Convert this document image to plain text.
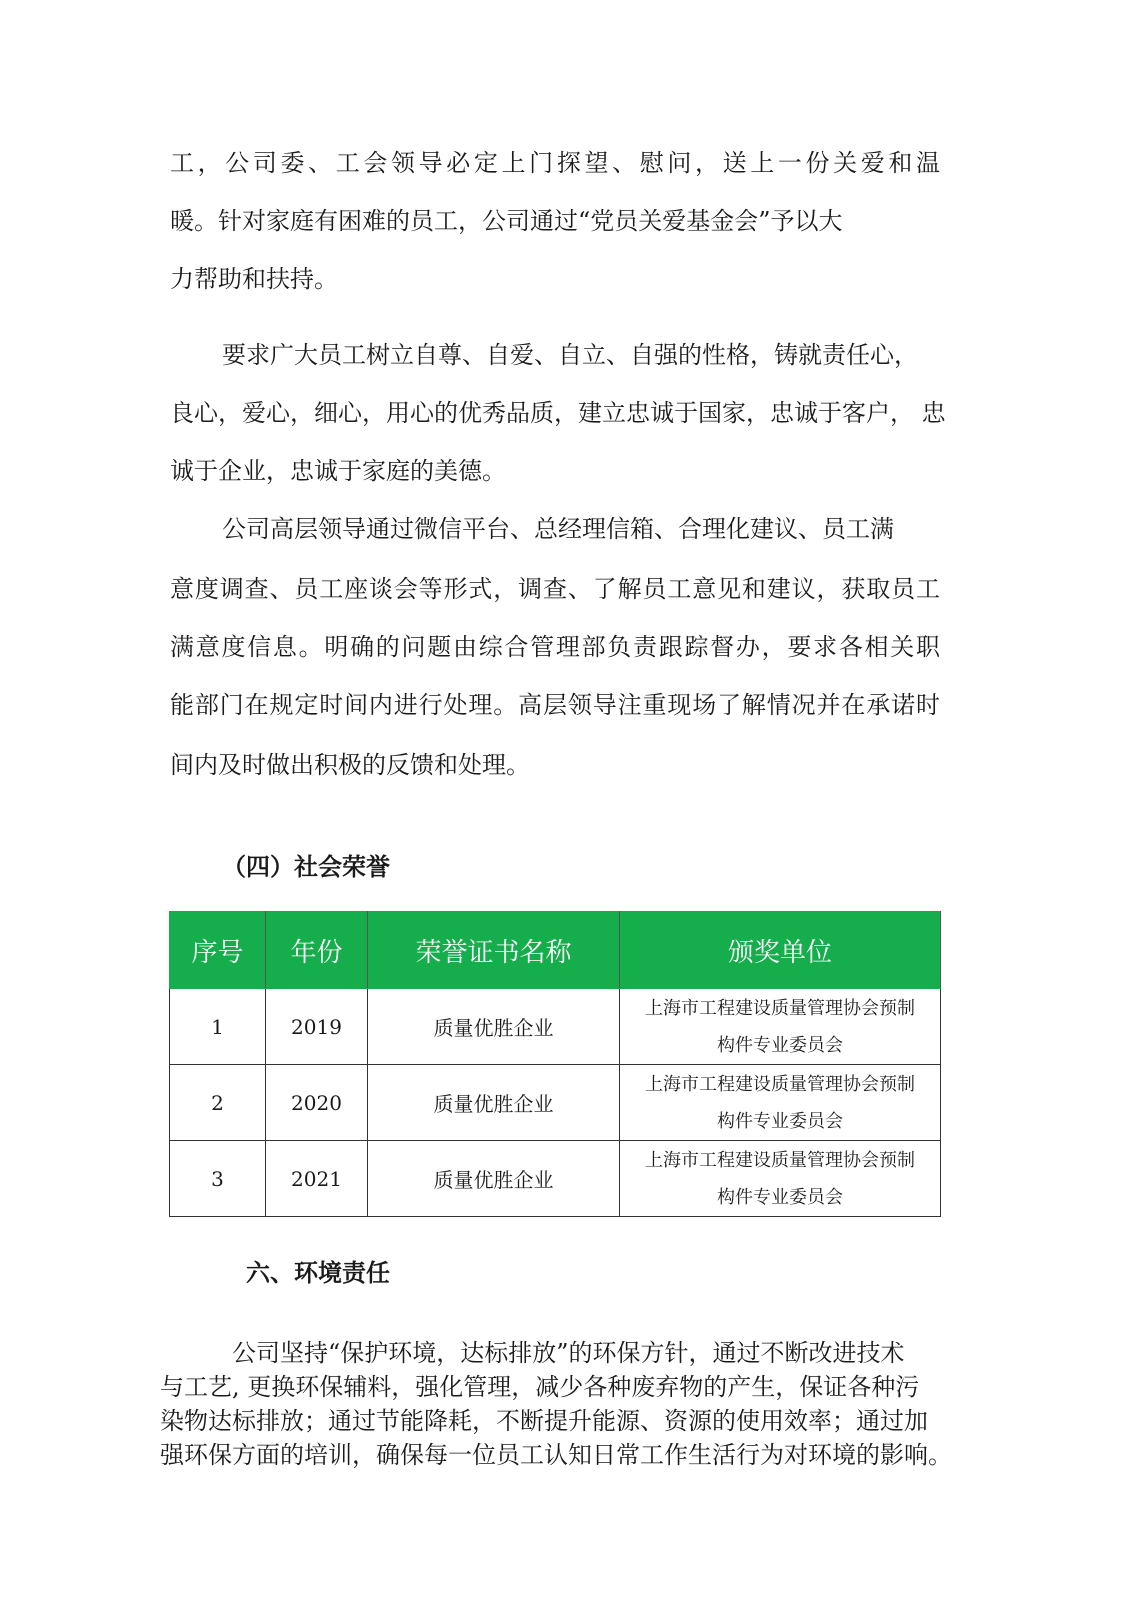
工，公司委、工会领导必定上门探望、慰问，送上一份关爱和温
暖。针对家庭有困难的员工，公司通过“党员关爱基金会”予以大
力帮助和扶持。
要求广大员工树立自尊、自爱、自立、自强的性格，铸就责任心，
良心，爱心，细心，用心的优秀品质，建立忠诚于国家，忠诚于客户， 忠
诚于企业，忠诚于家庭的美德。
公司高层领导通过微信平台、总经理信箱、合理化建议、员工满
意度调查、员工座谈会等形式，调查、了解员工意见和建议，获取员工
满意度信息。明确的问题由综合管理部负责跟踪督办，要求各相关职
能部门在规定时间内进行处理。高层领导注重现场了解情况并在承诺时
间内及时做出积极的反馈和处理。
（四）社会荣誉
序号	年份	荣誉证书名称	颁奖单位
1	2019	质量优胜企业	上海市工程建设质量管理协会预制
构件专业委员会

2	2020	质量优胜企业	上海市工程建设质量管理协会预制
构件专业委员会

3	2021	质量优胜企业	上海市工程建设质量管理协会预制
构件专业委员会
六、环境责任
公司坚持“保护环境，达标排放”的环保方针，通过不断改进技术
与工艺, 更换环保辅料，强化管理，减少各种废弃物的产生，保证各种污
染物达标排放；通过节能降耗，不断提升能源、资源的使用效率；通过加
强环保方面的培训，确保每一位员工认知日常工作生活行为对环境的影响。
